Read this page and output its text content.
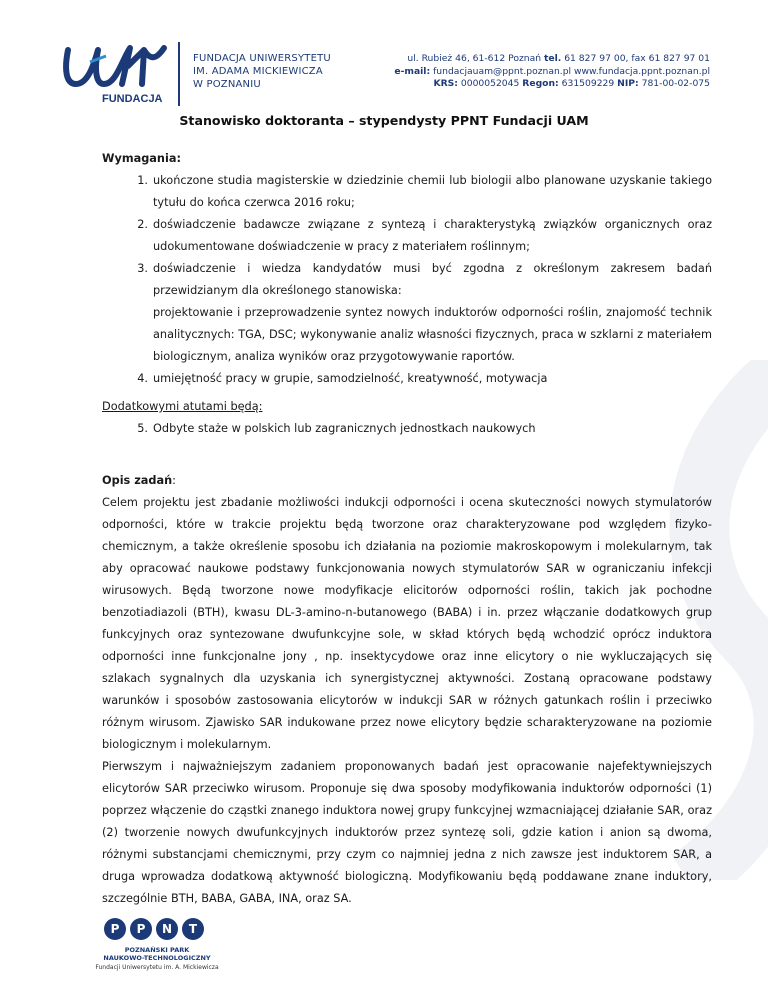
FUNDACJA
FUNDACJA UNIWERSYTETU
IM. ADAMA MICKIEWICZA
W POZNANIU
ul. Rubież 46, 61-612 Poznań tel. 61 827 97 00, fax 61 827 97 01
e-mail: fundacjauam@ppnt.poznan.pl www.fundacja.ppnt.poznan.pl
KRS: 0000052045 Regon: 631509229 NIP: 781-00-02-075
Stanowisko doktoranta – stypendysty PPNT Fundacji UAM
Wymagania:
1. ukończone studia magisterskie w dziedzinie chemii lub biologii albo planowane uzyskanie takiego tytułu do końca czerwca 2016 roku;
2. doświadczenie badawcze związane z syntezą i charakterystyką związków organicznych oraz udokumentowane doświadczenie w pracy z materiałem roślinnym;
3. doświadczenie i wiedza kandydatów musi być zgodna z określonym zakresem badań przewidzianym dla określonego stanowiska:
projektowanie i przeprowadzenie syntez nowych induktorów odporności roślin, znajomość technik analitycznych: TGA, DSC; wykonywanie analiz własności fizycznych, praca w szklarni z materiałem biologicznym, analiza wyników oraz przygotowywanie raportów.
4. umiejętność pracy w grupie, samodzielność, kreatywność, motywacja
Dodatkowymi atutami będą:
5. Odbyte staże w polskich lub zagranicznych jednostkach naukowych
Opis zadań:
Celem projektu jest zbadanie możliwości indukcji odporności i ocena skuteczności nowych stymulatorów odporności, które w trakcie projektu będą tworzone oraz charakteryzowane pod względem fizyko-chemicznym, a także określenie sposobu ich działania na poziomie makroskopowym i molekularnym, tak aby opracować naukowe podstawy funkcjonowania nowych stymulatorów SAR w ograniczaniu infekcji wirusowych. Będą tworzone nowe modyfikacje elicitorów odporności roślin, takich jak pochodne benzotiadiazoli (BTH), kwasu DL-3-amino-n-butanowego (BABA) i in. przez włączanie dodatkowych grup funkcyjnych oraz syntezowane dwufunkcyjne sole, w skład których będą wchodzić oprócz induktora odporności inne funkcjonalne jony , np. insektycydowe oraz inne elicytory o nie wykluczających się szlakach sygnalnych dla uzyskania ich synergistycznej aktywności. Zostaną opracowane podstawy warunków i sposobów zastosowania elicytorów w indukcji SAR w różnych gatunkach roślin i przeciwko różnym wirusom. Zjawisko SAR indukowane przez nowe elicytory będzie scharakteryzowane na poziomie biologicznym i molekularnym.
Pierwszym i najważniejszym zadaniem proponowanych badań jest opracowanie najefektywniejszych elicytorów SAR przeciwko wirusom. Proponuje się dwa sposoby modyfikowania induktorów odporności (1) poprzez włączenie do cząstki znanego induktora nowej grupy funkcyjnej wzmacniającej działanie SAR, oraz (2) tworzenie nowych dwufunkcyjnych induktorów przez syntezę soli, gdzie kation i anion są dwoma, różnymi substancjami chemicznymi, przy czym co najmniej jedna z nich zawsze jest induktorem SAR, a druga wprowadza dodatkową aktywność biologiczną. Modyfikowaniu będą poddawane znane induktory, szczególnie BTH, BABA, GABA, INA, oraz SA.
P	P	N	T
POZNAŃSKI PARK
NAUKOWO-TECHNOLOGICZNY
Fundacji Uniwersytetu im. A. Mickiewicza
